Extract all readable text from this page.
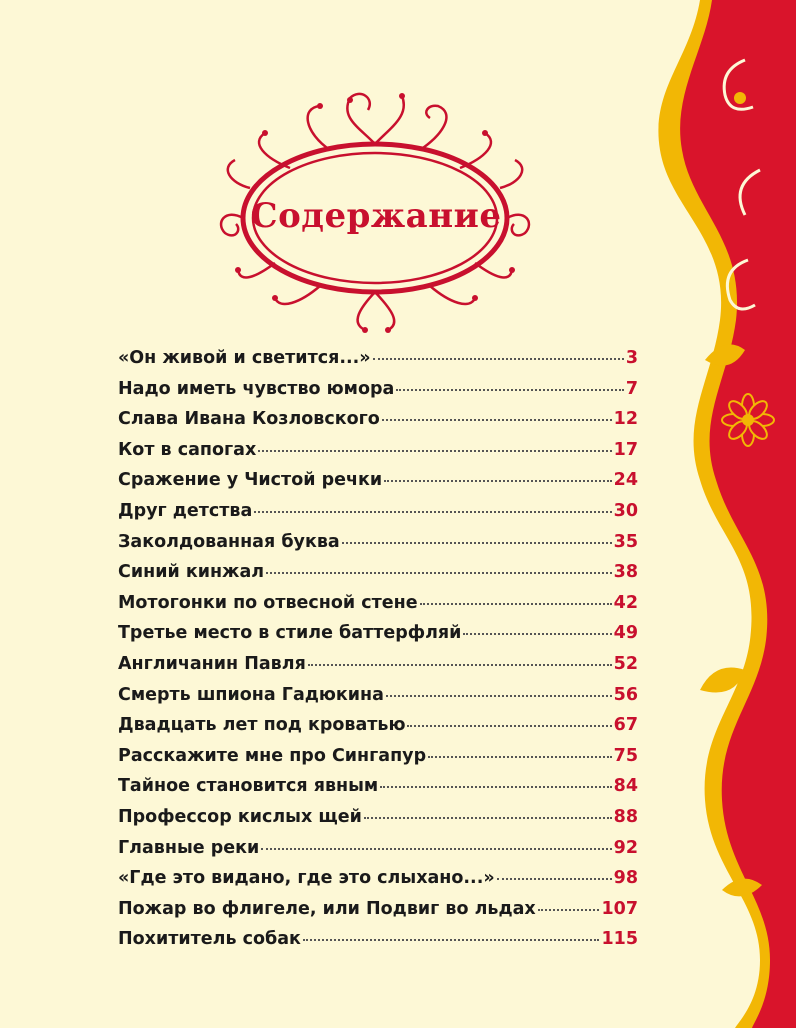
Содержание
«Он живой и светится...»	3
Надо иметь чувство юмора	7
Слава Ивана Козловского	12
Кот в сапогах	17
Сражение у Чистой речки	24
Друг детства	30
Заколдованная буква	35
Синий кинжал	38
Мотогонки по отвесной стене	42
Третье место в стиле баттерфляй	49
Англичанин Павля	52
Смерть шпиона Гадюкина	56
Двадцать лет под кроватью	67
Расскажите мне про Сингапур	75
Тайное становится явным	84
Профессор кислых щей	88
Главные реки	92
«Где это видано, где это слыхано...»	98
Пожар во флигеле, или Подвиг во льдах	107
Похититель собак	115
